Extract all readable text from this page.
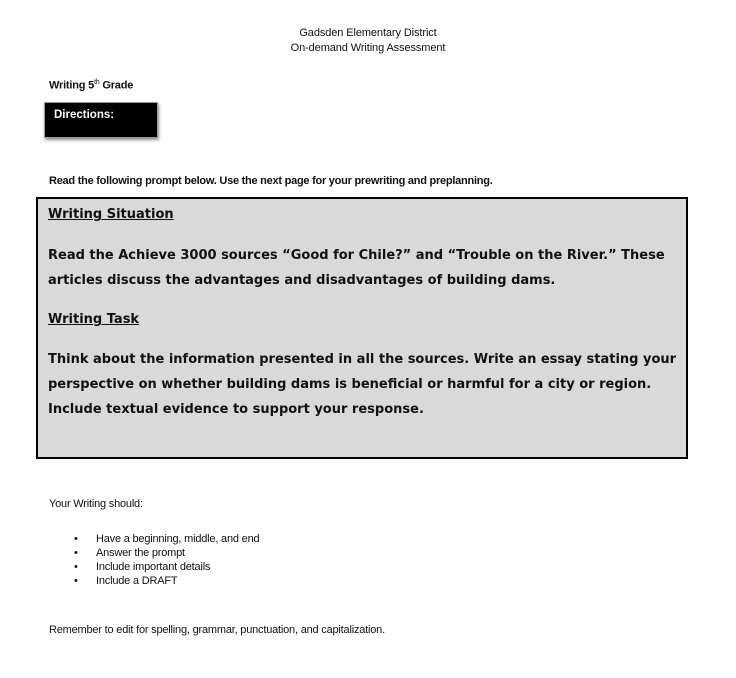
Gadsden Elementary District
On-demand Writing Assessment
Writing 5th Grade
Directions:
Read the following prompt below. Use the next page for your prewriting and preplanning.
Writing Situation
Read the Achieve 3000 sources “Good for Chile?” and “Trouble on the River.” These articles discuss the advantages and disadvantages of building dams.
Writing Task
Think about the information presented in all the sources. Write an essay stating your perspective on whether building dams is beneficial or harmful for a city or region. Include textual evidence to support your response.
Your Writing should:
• Have a beginning, middle, and end
• Answer the prompt
• Include important details
• Include a DRAFT
Remember to edit for spelling, grammar, punctuation, and capitalization.
